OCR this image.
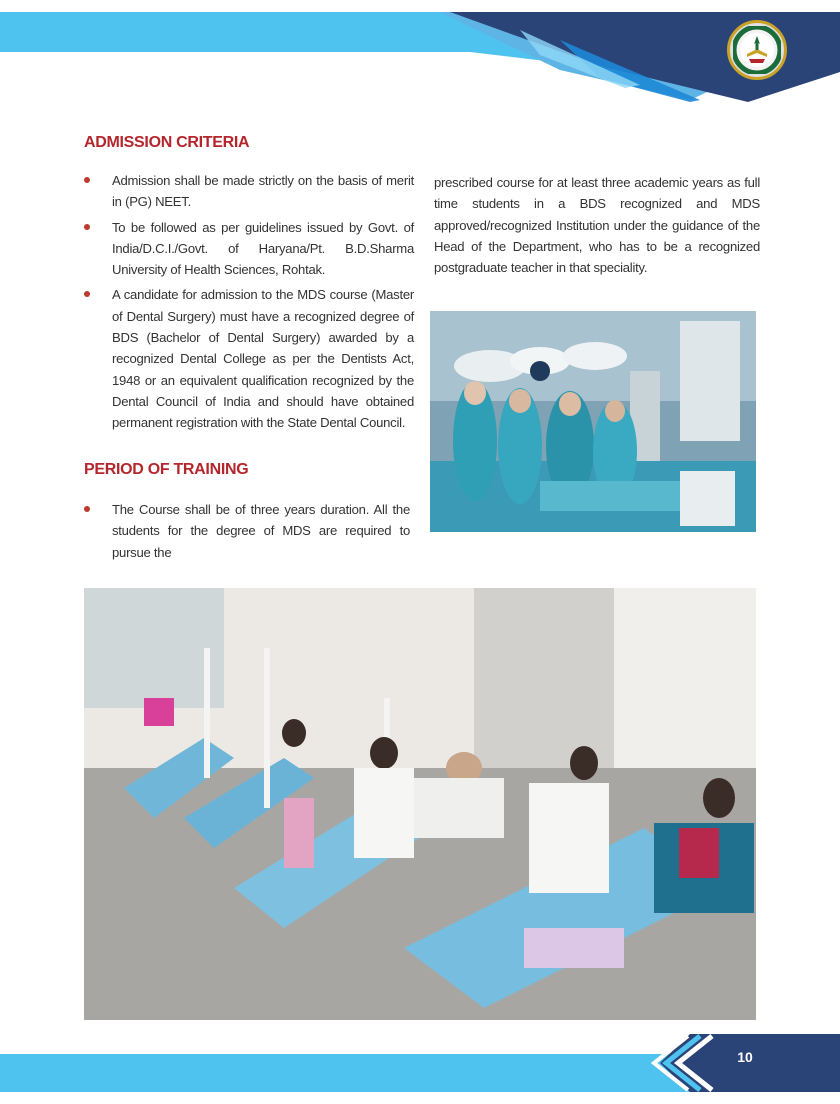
ADMISSION CRITERIA
Admission shall be made strictly on the basis of merit in (PG) NEET.
To be followed as per guidelines issued by Govt. of India/D.C.I./Govt. of Haryana/Pt. B.D.Sharma University of Health Sciences, Rohtak.
A candidate for admission to the MDS course (Master of Dental Surgery) must have a recognized degree of BDS (Bachelor of Dental Surgery) awarded by a recognized Dental College as per the Dentists Act, 1948 or an equivalent qualification recognized by the Dental Council of India and should have obtained permanent registration with the State Dental Council.
PERIOD OF TRAINING
The Course shall be of three years duration. All the students for the degree of MDS are required to pursue the

prescribed course for at least three academic years as full time students in a BDS recognized and MDS approved/recognized Institution under the guidance of the Head of the Department, who has to be a recognized postgraduate teacher in that speciality.

10
